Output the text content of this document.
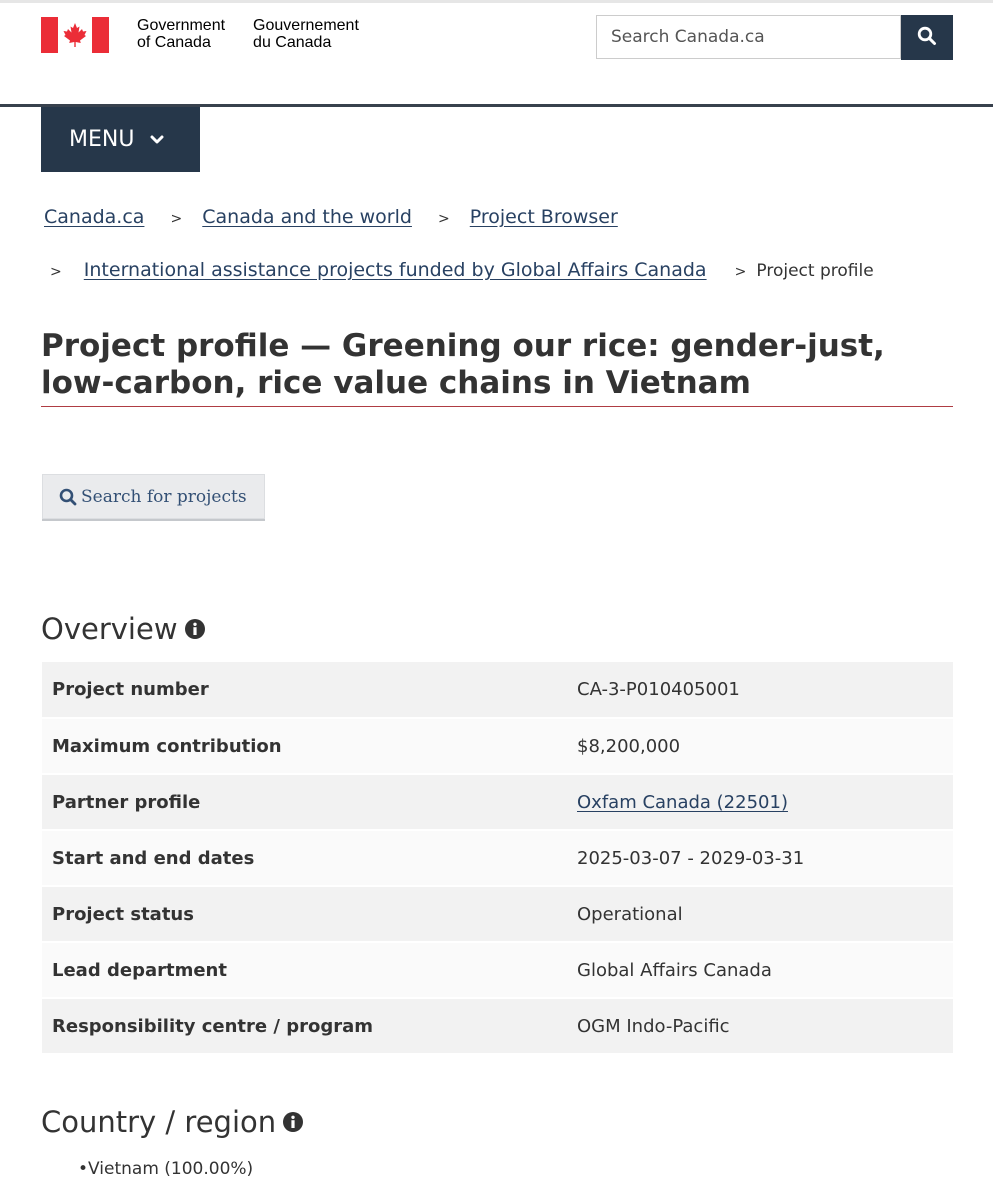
Government
of Canada
Gouvernement
du Canada
Search Canada.ca
MENU
Canada.ca > Canada and the world > Project Browser
> International assistance projects funded by Global Affairs Canada > Project profile
Project profile — Greening our rice: gender-just, low-carbon, rice value chains in Vietnam
Search for projects
Overview
Project number	CA-3-P010405001
Maximum contribution	$8,200,000
Partner profile	Oxfam Canada (22501)
Start and end dates	2025-03-07 - 2029-03-31
Project status	Operational
Lead department	Global Affairs Canada
Responsibility centre / program	OGM Indo-Pacific
Country / region
• Vietnam (100.00%)
